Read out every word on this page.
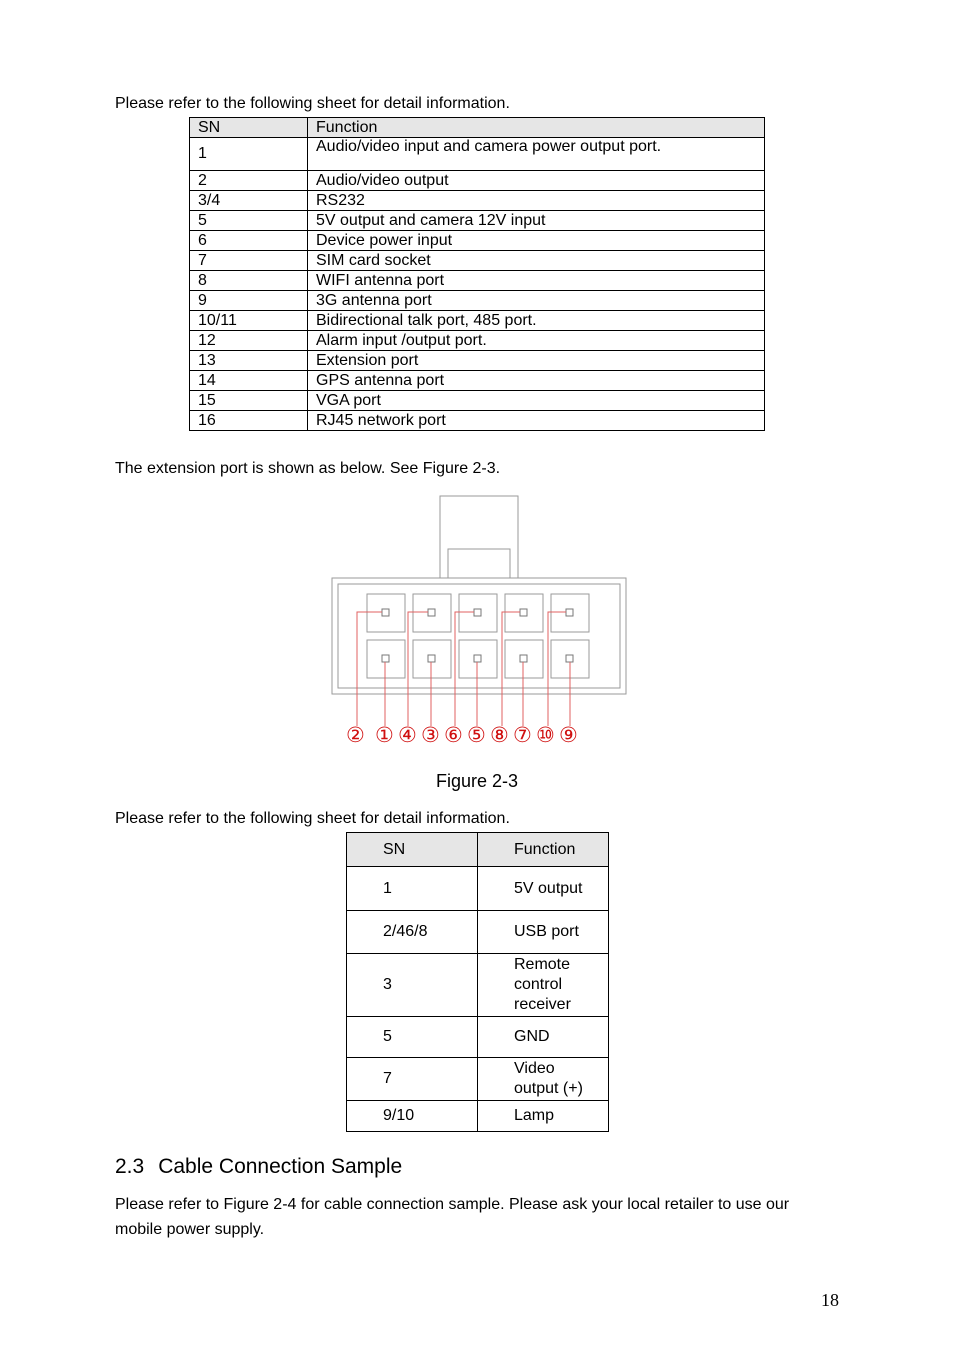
Please refer to the following sheet for detail information.

SN	Function
1	Audio/video input and camera power output port.
2	Audio/video output
3/4	RS232
5	5V output and camera 12V input
6	Device power input
7	SIM card socket
8	WIFI antenna port
9	3G antenna port
10/11	Bidirectional talk port, 485 port.
12	Alarm input /output port.
13	Extension port
14	GPS antenna port
15	VGA port
16	RJ45 network port

The extension port is shown as below. See Figure 2-3.

② ① ④ ③ ⑥ ⑤ ⑧ ⑦ ⑩ ⑨

Figure 2-3

Please refer to the following sheet for detail information.

SN	Function
1	5V output
2/46/8	USB port
3	Remote control receiver
5	GND
7	Video output (+)
9/10	Lamp
2.3 Cable Connection Sample

Please refer to Figure 2-4 for cable connection sample. Please ask your local retailer to use our

mobile power supply.

18
